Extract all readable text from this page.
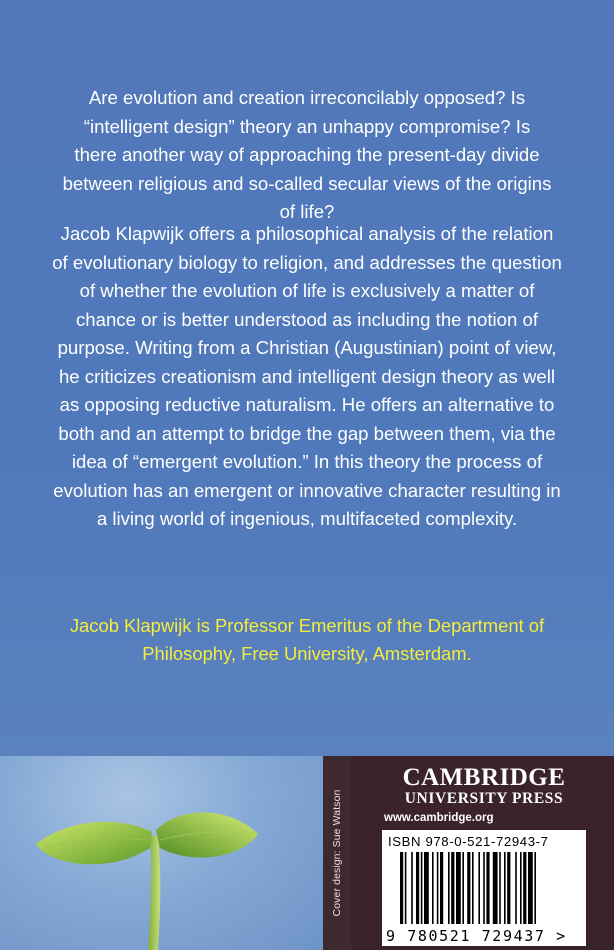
Are evolution and creation irreconcilably opposed? Is “intelligent design” theory an unhappy compromise? Is there another way of approaching the present-day divide between religious and so-called secular views of the origins of life?
Jacob Klapwijk offers a philosophical analysis of the relation of evolutionary biology to religion, and addresses the question of whether the evolution of life is exclusively a matter of chance or is better understood as including the notion of purpose. Writing from a Christian (Augustinian) point of view, he criticizes creationism and intelligent design theory as well as opposing reductive naturalism. He offers an alternative to both and an attempt to bridge the gap between them, via the idea of “emergent evolution.” In this theory the process of evolution has an emergent or innovative character resulting in a living world of ingenious, multifaceted complexity.
Jacob Klapwijk is Professor Emeritus of the Department of Philosophy, Free University, Amsterdam.

Cover design: Sue Watson
CAMBRIDGE
UNIVERSITY PRESS
www.cambridge.org
ISBN 978-0-521-72943-7
9 780521 729437 >
